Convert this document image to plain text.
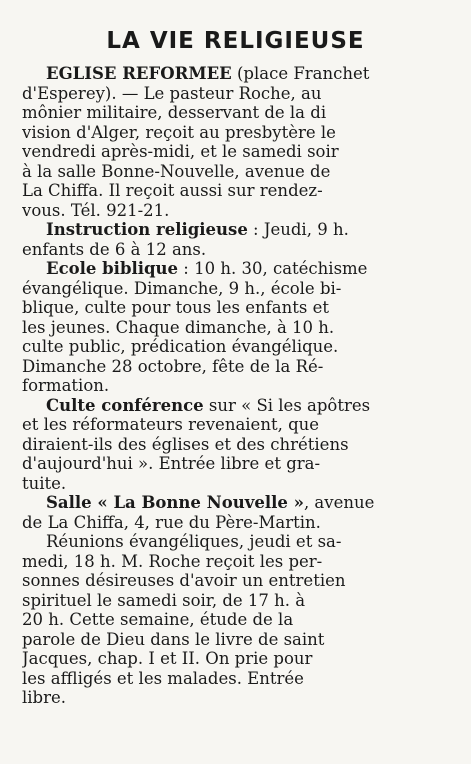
LA VIE RELIGIEUSE
EGLISE REFORMEE (place Franchet
d'Esperey). — Le pasteur Roche, au
mônier militaire, desservant de la di
vision d'Alger, reçoit au presbytère le
vendredi après-midi, et le samedi soir
à la salle Bonne-Nouvelle, avenue de
La Chiffa. Il reçoit aussi sur rendez-
vous. Tél. 921-21.
Instruction religieuse : Jeudi, 9 h.
enfants de 6 à 12 ans.
Ecole biblique : 10 h. 30, catéchisme
évangélique. Dimanche, 9 h., école bi-
blique, culte pour tous les enfants et
les jeunes. Chaque dimanche, à 10 h.
culte public, prédication évangélique.
Dimanche 28 octobre, fête de la Ré-
formation.
Culte conférence sur « Si les apôtres
et les réformateurs revenaient, que
diraient-ils des églises et des chrétiens
d'aujourd'hui ». Entrée libre et gra-
tuite.
Salle « La Bonne Nouvelle », avenue
de La Chiffa, 4, rue du Père-Martin.
Réunions évangéliques, jeudi et sa-
medi, 18 h. M. Roche reçoit les per-
sonnes désireuses d'avoir un entretien
spirituel le samedi soir, de 17 h. à
20 h. Cette semaine, étude de la
parole de Dieu dans le livre de saint
Jacques, chap. I et II. On prie pour
les affligés et les malades. Entrée
libre.
